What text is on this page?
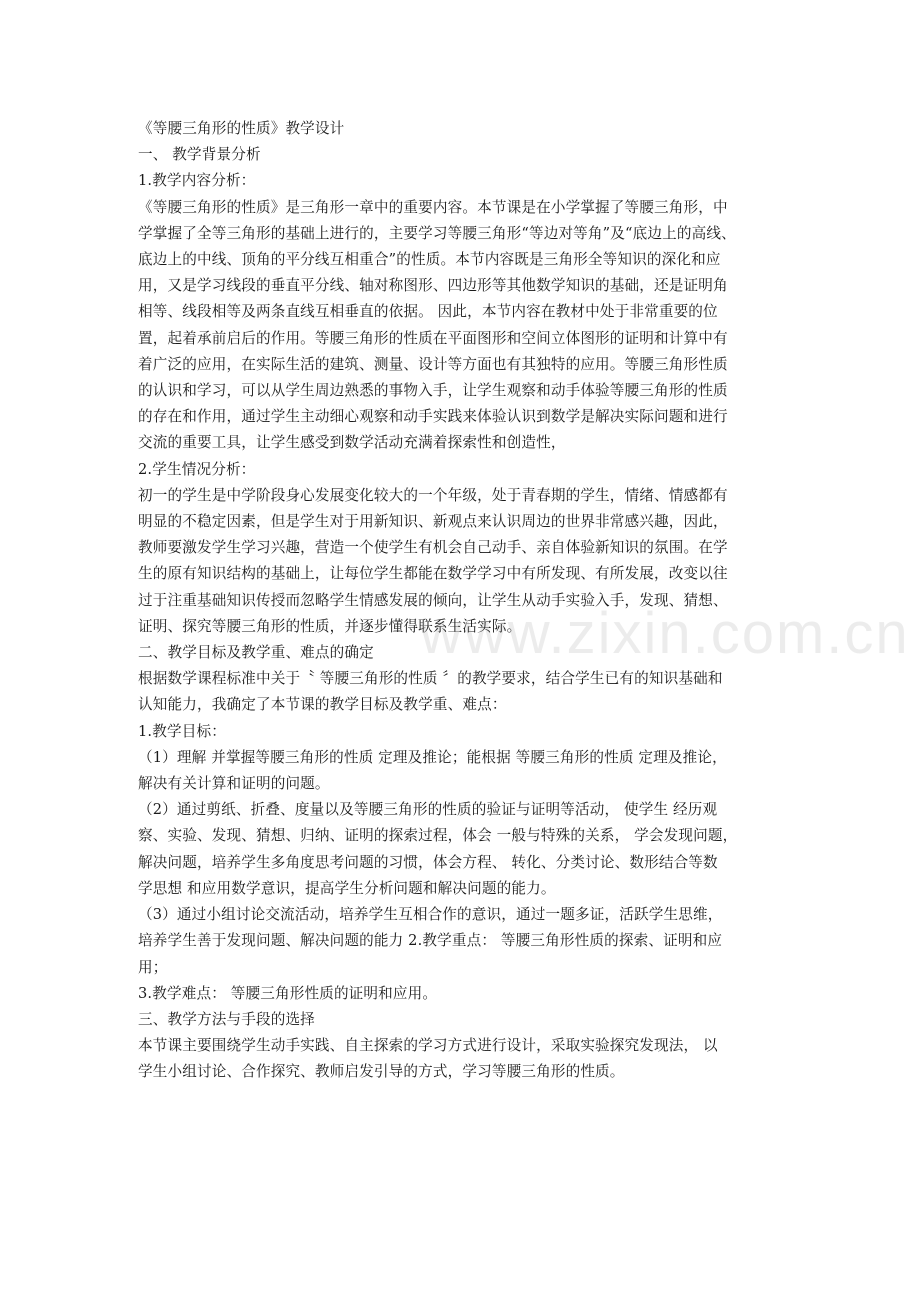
《等腰三角形的性质》教学设计
一、 教学背景分析
1.教学内容分析：
《等腰三角形的性质》是三角形一章中的重要内容。本节课是在小学掌握了等腰三角形，中
学掌握了全等三角形的基础上进行的，主要学习等腰三角形“等边对等角”及“底边上的高线、
底边上的中线、顶角的平分线互相重合”的性质。本节内容既是三角形全等知识的深化和应
用，又是学习线段的垂直平分线、轴对称图形、四边形等其他数学知识的基础，还是证明角
相等、线段相等及两条直线互相垂直的依据。 因此，本节内容在教材中处于非常重要的位
置，起着承前启后的作用。等腰三角形的性质在平面图形和空间立体图形的证明和计算中有
着广泛的应用，在实际生活的建筑、测量、设计等方面也有其独特的应用。等腰三角形性质
的认识和学习，可以从学生周边熟悉的事物入手，让学生观察和动手体验等腰三角形的性质
的存在和作用，通过学生主动细心观察和动手实践来体验认识到数学是解决实际问题和进行
交流的重要工具，让学生感受到数学活动充满着探索性和创造性，
2.学生情况分析：
初一的学生是中学阶段身心发展变化较大的一个年级，处于青春期的学生，情绪、情感都有
明显的不稳定因素，但是学生对于用新知识、新观点来认识周边的世界非常感兴趣，因此，
教师要激发学生学习兴趣，营造一个使学生有机会自己动手、亲自体验新知识的氛围。在学
生的原有知识结构的基础上，让每位学生都能在数学学习中有所发现、有所发展，改变以往
过于注重基础知识传授而忽略学生情感发展的倾向，让学生从动手实验入手，发现、猜想、
证明、探究等腰三角形的性质，并逐步懂得联系生活实际。
二、教学目标及教学重、难点的确定
根据数学课程标准中关于〝 等腰三角形的性质 〞的教学要求，结合学生已有的知识基础和
认知能力，我确定了本节课的教学目标及教学重、难点：
1.教学目标：
（1）理解 并掌握等腰三角形的性质 定理及推论；能根据 等腰三角形的性质 定理及推论，
解决有关计算和证明的问题。
（2）通过剪纸、折叠、度量以及等腰三角形的性质的验证与证明等活动， 使学生 经历观
察、实验、发现、猜想、归纳、证明的探索过程，体会 一般与特殊的关系， 学会发现问题，
解决问题，培养学生多角度思考问题的习惯，体会方程、 转化、分类讨论、数形结合等数
学思想 和应用数学意识，提高学生分析问题和解决问题的能力。
（3）通过小组讨论交流活动，培养学生互相合作的意识，通过一题多证，活跃学生思维，
培养学生善于发现问题、解决问题的能力 2.教学重点： 等腰三角形性质的探索、证明和应
用；
3.教学难点： 等腰三角形性质的证明和应用。
三、教学方法与手段的选择
本节课主要围绕学生动手实践、自主探索的学习方式进行设计，采取实验探究发现法， 以
学生小组讨论、合作探究、教师启发引导的方式，学习等腰三角形的性质。
www.zixin.com.cn
